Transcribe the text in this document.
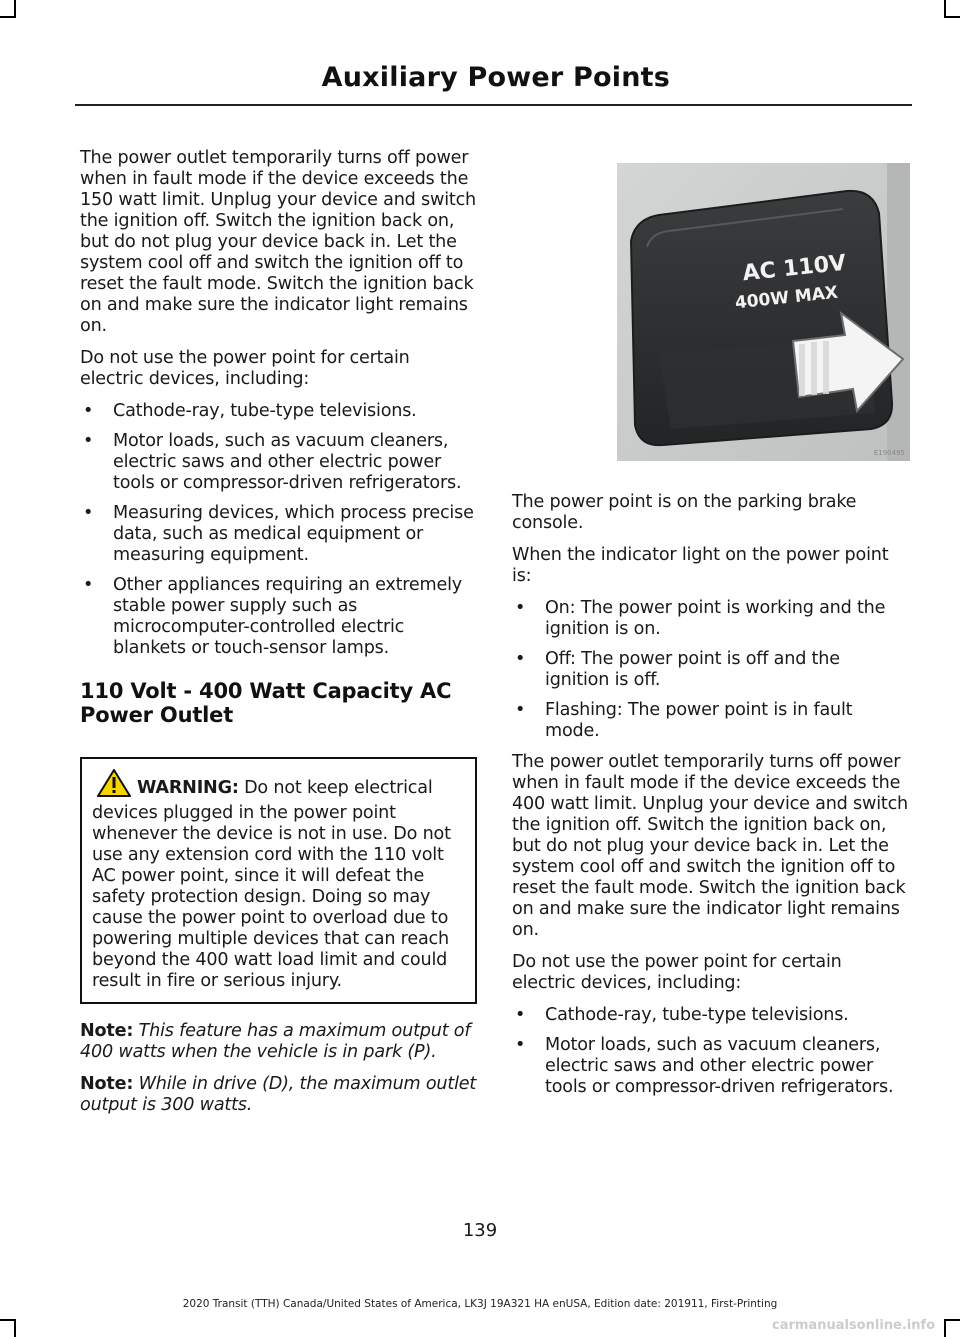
Auxiliary Power Points

The power outlet temporarily turns off power when in fault mode if the device exceeds the 150 watt limit. Unplug your device and switch the ignition off. Switch the ignition back on, but do not plug your device back in. Let the system cool off and switch the ignition off to reset the fault mode. Switch the ignition back on and make sure the indicator light remains on.

Do not use the power point for certain electric devices, including:

• Cathode-ray, tube-type televisions.
• Motor loads, such as vacuum cleaners, electric saws and other electric power tools or compressor-driven refrigerators.
• Measuring devices, which process precise data, such as medical equipment or measuring equipment.
• Other appliances requiring an extremely stable power supply such as microcomputer-controlled electric blankets or touch-sensor lamps.
110 Volt - 400 Watt Capacity AC Power Outlet
WARNING: Do not keep electrical devices plugged in the power point whenever the device is not in use. Do not use any extension cord with the 110 volt AC power point, since it will defeat the safety protection design. Doing so may cause the power point to overload due to powering multiple devices that can reach beyond the 400 watt load limit and could result in fire or serious injury.

Note: This feature has a maximum output of 400 watts when the vehicle is in park (P).

Note: While in drive (D), the maximum outlet output is 300 watts.

AC 110V
400W MAX
E190495

The power point is on the parking brake console.

When the indicator light on the power point is:

• On: The power point is working and the ignition is on.
• Off: The power point is off and the ignition is off.
• Flashing: The power point is in fault mode.

The power outlet temporarily turns off power when in fault mode if the device exceeds the 400 watt limit. Unplug your device and switch the ignition off. Switch the ignition back on, but do not plug your device back in. Let the system cool off and switch the ignition off to reset the fault mode. Switch the ignition back on and make sure the indicator light remains on.

Do not use the power point for certain electric devices, including:

• Cathode-ray, tube-type televisions.
• Motor loads, such as vacuum cleaners, electric saws and other electric power tools or compressor-driven refrigerators.
139
2020 Transit (TTH) Canada/United States of America, LK3J 19A321 HA enUSA, Edition date: 201911, First-Printing
carmanualsonline.info
